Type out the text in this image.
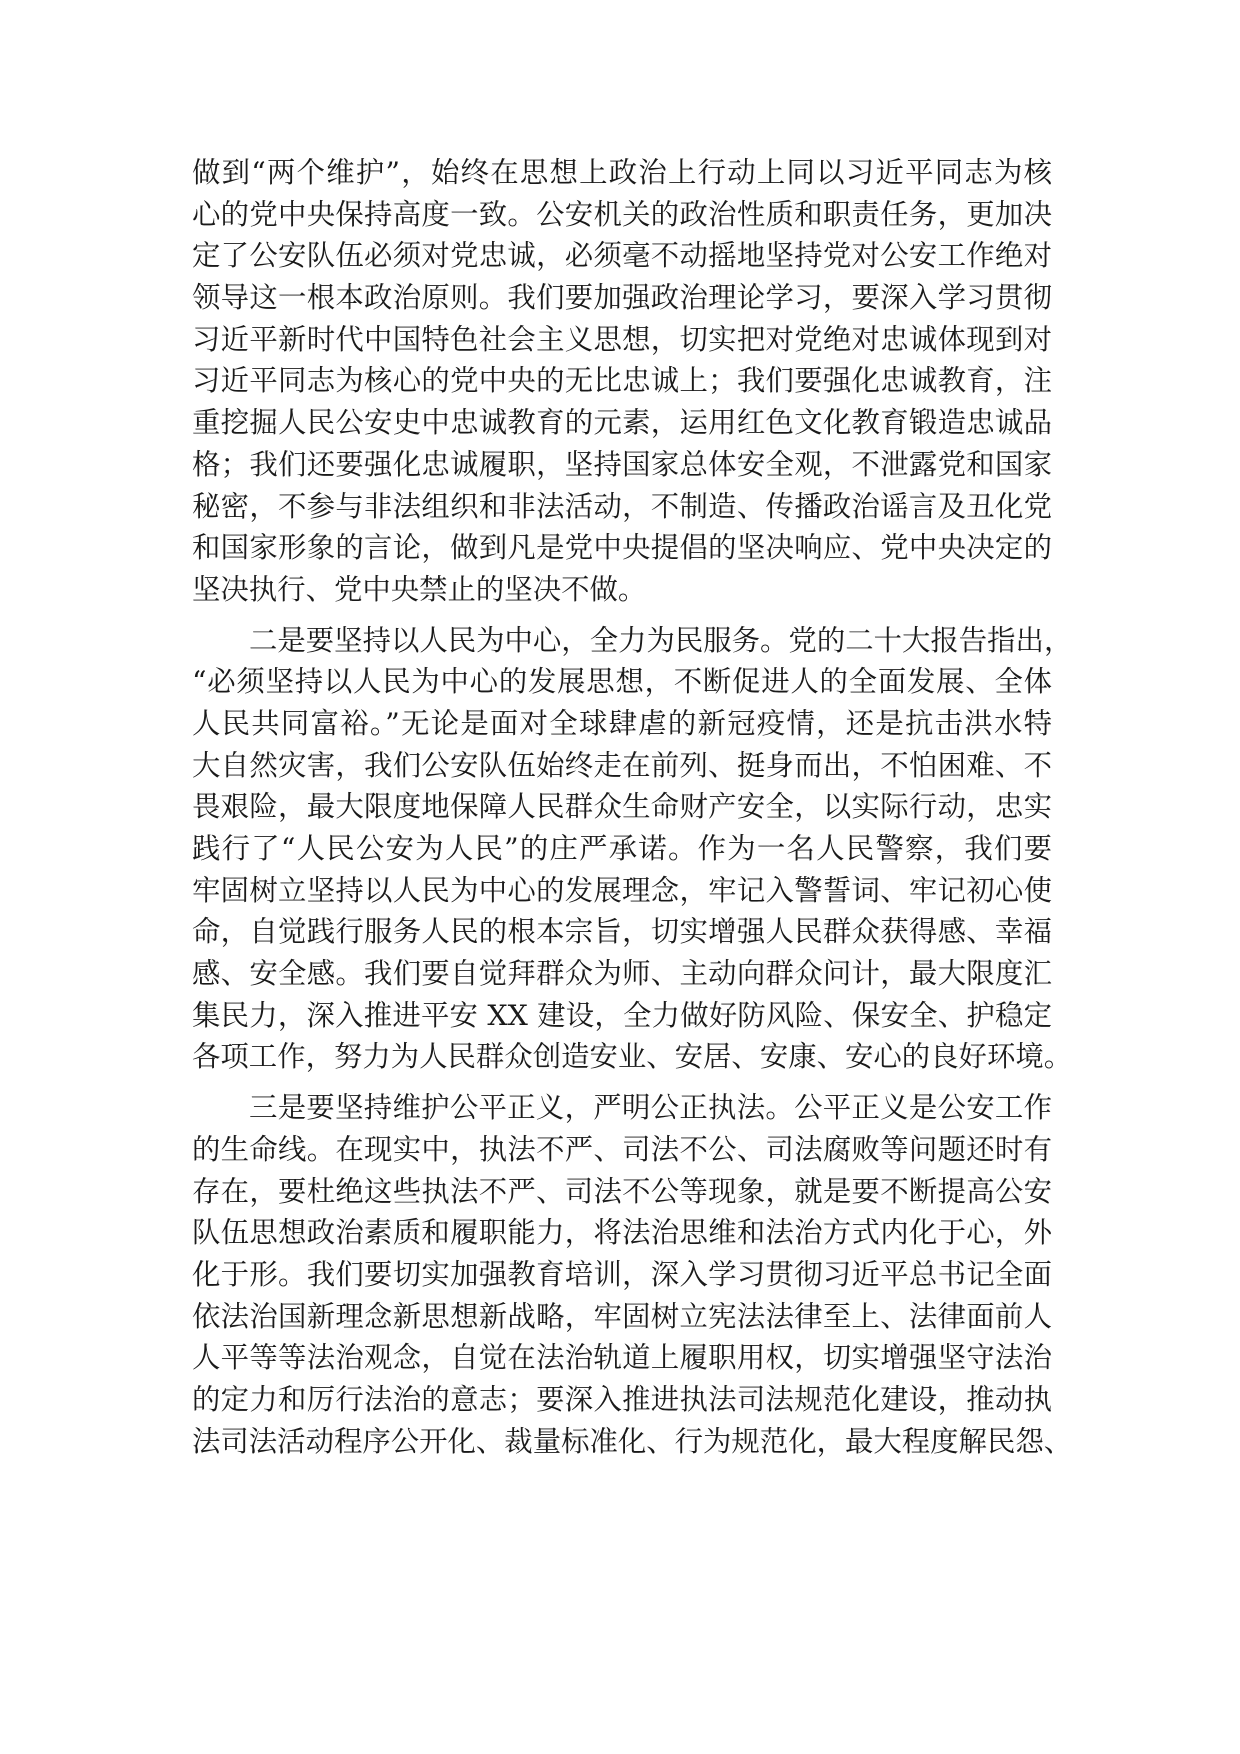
做到“两个维护”，始终在思想上政治上行动上同以习近平同志为核
心的党中央保持高度一致。公安机关的政治性质和职责任务，更加决
定了公安队伍必须对党忠诚，必须毫不动摇地坚持党对公安工作绝对
领导这一根本政治原则。我们要加强政治理论学习，要深入学习贯彻
习近平新时代中国特色社会主义思想，切实把对党绝对忠诚体现到对
习近平同志为核心的党中央的无比忠诚上；我们要强化忠诚教育，注
重挖掘人民公安史中忠诚教育的元素，运用红色文化教育锻造忠诚品
格；我们还要强化忠诚履职，坚持国家总体安全观，不泄露党和国家
秘密，不参与非法组织和非法活动，不制造、传播政治谣言及丑化党
和国家形象的言论，做到凡是党中央提倡的坚决响应、党中央决定的
坚决执行、党中央禁止的坚决不做。
二是要坚持以人民为中心，全力为民服务。党的二十大报告指出，
“必须坚持以人民为中心的发展思想，不断促进人的全面发展、全体
人民共同富裕。”无论是面对全球肆虐的新冠疫情，还是抗击洪水特
大自然灾害，我们公安队伍始终走在前列、挺身而出，不怕困难、不
畏艰险，最大限度地保障人民群众生命财产安全，以实际行动，忠实
践行了“人民公安为人民”的庄严承诺。作为一名人民警察，我们要
牢固树立坚持以人民为中心的发展理念，牢记入警誓词、牢记初心使
命，自觉践行服务人民的根本宗旨，切实增强人民群众获得感、幸福
感、安全感。我们要自觉拜群众为师、主动向群众问计，最大限度汇
集民力，深入推进平安 XX 建设，全力做好防风险、保安全、护稳定
各项工作，努力为人民群众创造安业、安居、安康、安心的良好环境。
三是要坚持维护公平正义，严明公正执法。公平正义是公安工作
的生命线。在现实中，执法不严、司法不公、司法腐败等问题还时有
存在，要杜绝这些执法不严、司法不公等现象，就是要不断提高公安
队伍思想政治素质和履职能力，将法治思维和法治方式内化于心，外
化于形。我们要切实加强教育培训，深入学习贯彻习近平总书记全面
依法治国新理念新思想新战略，牢固树立宪法法律至上、法律面前人
人平等等法治观念，自觉在法治轨道上履职用权，切实增强坚守法治
的定力和厉行法治的意志；要深入推进执法司法规范化建设，推动执
法司法活动程序公开化、裁量标准化、行为规范化，最大程度解民怨、
